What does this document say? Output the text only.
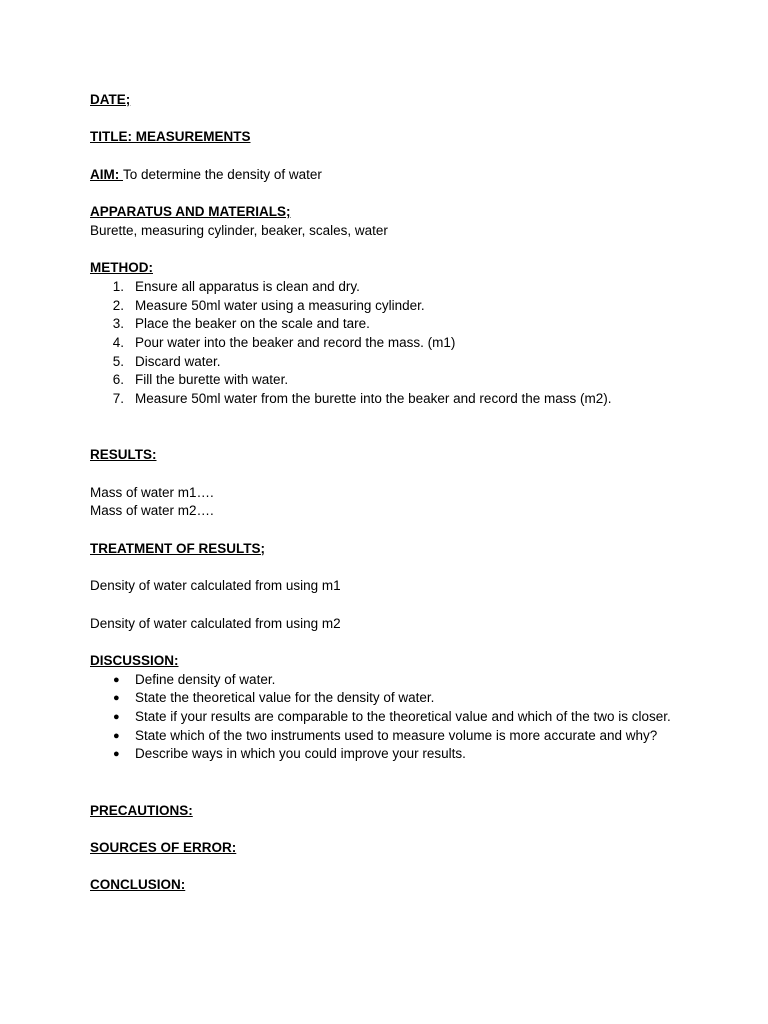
DATE;

TITLE: MEASUREMENTS

AIM: To determine the density of water

APPARATUS AND MATERIALS;

Burette, measuring cylinder, beaker, scales, water

METHOD:

1. Ensure all apparatus is clean and dry.
2. Measure 50ml water using a measuring cylinder.
3. Place the beaker on the scale and tare.
4. Pour water into the beaker and record the mass. (m1)
5. Discard water.
6. Fill the burette with water.
7. Measure 50ml water from the burette into the beaker and record the mass (m2).

RESULTS:

Mass of water m1….

Mass of water m2….

TREATMENT OF RESULTS;

Density of water calculated from using m1

Density of water calculated from using m2

DISCUSSION:

● Define density of water.
● State the theoretical value for the density of water.
● State if your results are comparable to the theoretical value and which of the two is closer.
● State which of the two instruments used to measure volume is more accurate and why?
● Describe ways in which you could improve your results.

PRECAUTIONS:

SOURCES OF ERROR:

CONCLUSION:
